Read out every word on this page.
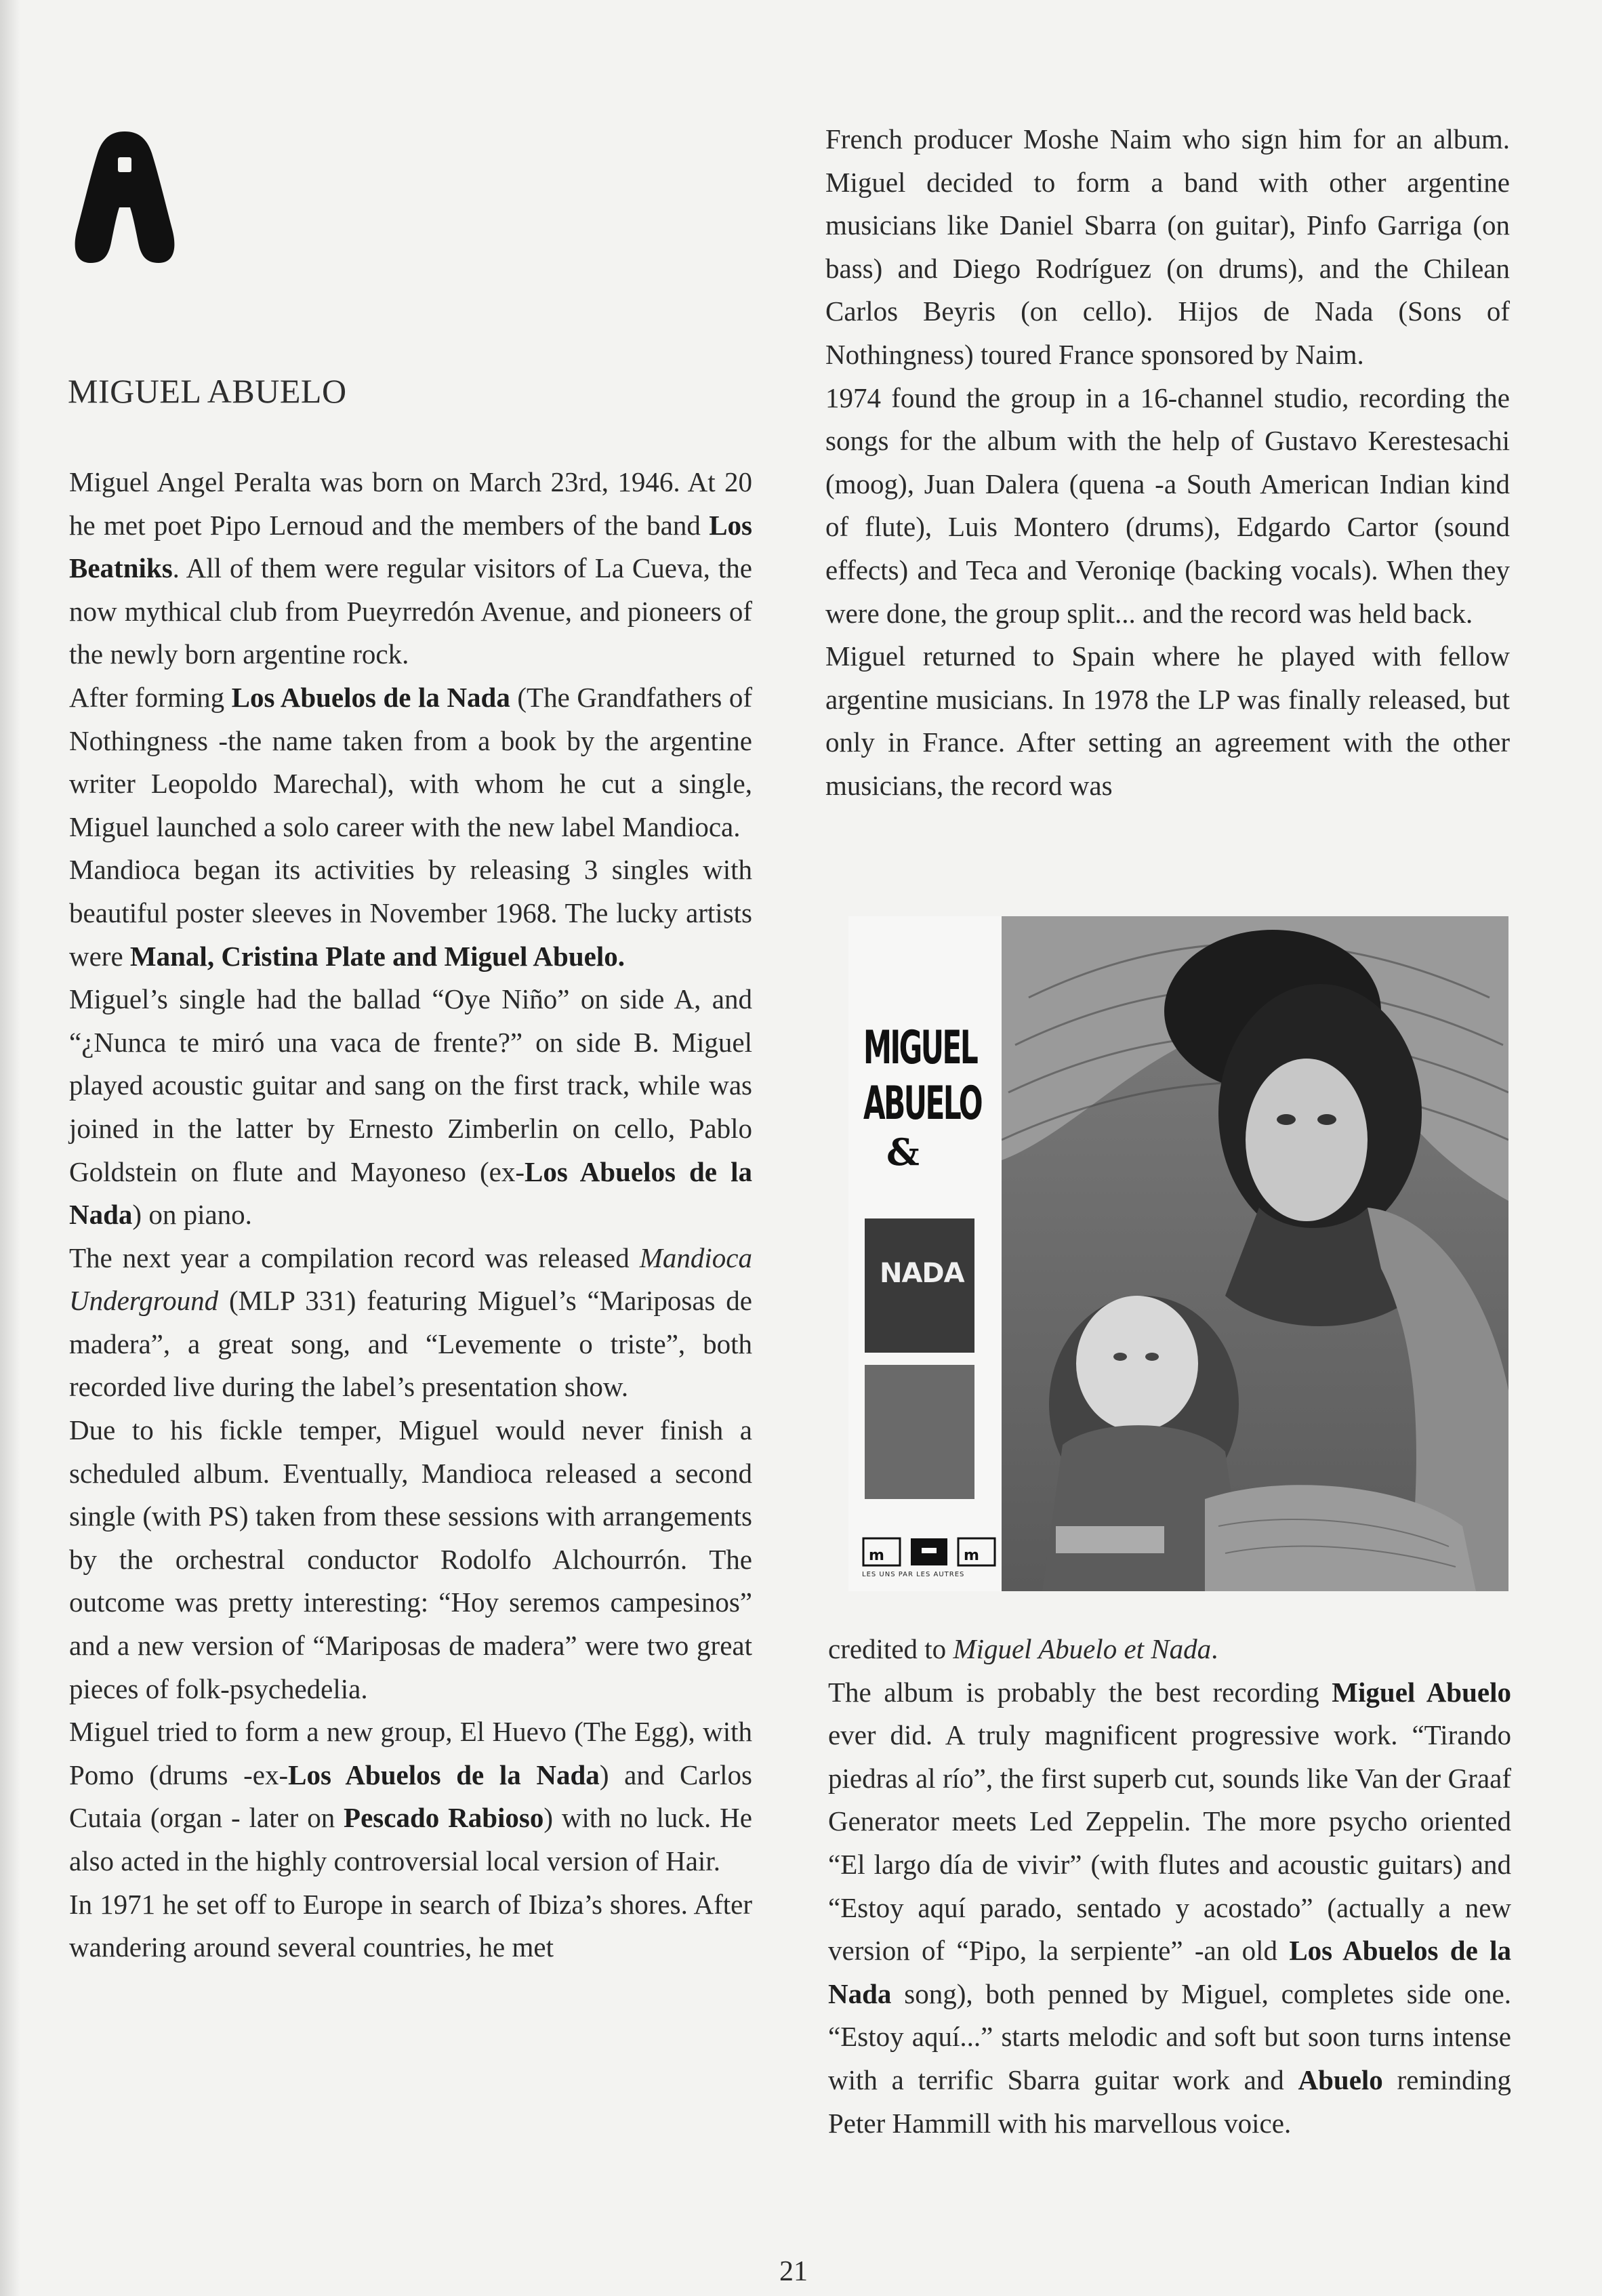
MIGUEL ABUELO

Miguel Angel Peralta was born on March 23rd, 1946. At 20 he met poet Pipo Lernoud and the members of the band Los Beatniks. All of them were regular visitors of La Cueva, the now mythical club from Pueyrredón Avenue, and pioneers of the newly born argentine rock.

After forming Los Abuelos de la Nada (The Grandfathers of Nothingness -the name taken from a book by the argentine writer Leopoldo Marechal), with whom he cut a single, Miguel launched a solo career with the new label Mandioca.

Mandioca began its activities by releasing 3 singles with beautiful poster sleeves in November 1968. The lucky artists were Manal, Cristina Plate and Miguel Abuelo.

Miguel’s single had the ballad “Oye Niño” on side A, and “¿Nunca te miró una vaca de frente?” on side B. Miguel played acoustic guitar and sang on the first track, while was joined in the latter by Ernesto Zimberlin on cello, Pablo Goldstein on flute and Mayoneso (ex-Los Abuelos de la Nada) on piano.

The next year a compilation record was released Mandioca Underground (MLP 331) featuring Miguel’s “Mariposas de madera”, a great song, and “Levemente o triste”, both recorded live during the label’s presentation show.

Due to his fickle temper, Miguel would never finish a scheduled album. Eventually, Mandioca released a second single (with PS) taken from these sessions with arrangements by the orchestral conductor Rodolfo Alchourrón. The outcome was pretty interesting: “Hoy seremos campesinos” and a new version of “Mariposas de madera” were two great pieces of folk-psychedelia.

Miguel tried to form a new group, El Huevo (The Egg), with Pomo (drums -ex-Los Abuelos de la Nada) and Carlos Cutaia (organ - later on Pescado Rabioso) with no luck. He also acted in the highly controversial local version of Hair.

In 1971 he set off to Europe in search of Ibiza’s shores. After wandering around several countries, he met

French producer Moshe Naim who sign him for an album. Miguel decided to form a band with other argentine musicians like Daniel Sbarra (on guitar), Pinfo Garriga (on bass) and Diego Rodríguez (on drums), and the Chilean Carlos Beyris (on cello). Hijos de Nada (Sons of Nothingness) toured France sponsored by Naim.

1974 found the group in a 16-channel studio, recording the songs for the album with the help of Gustavo Kerestesachi (moog), Juan Dalera (quena -a South American Indian kind of flute), Luis Montero (drums), Edgardo Cartor (sound effects) and Teca and Veroniqe (backing vocals). When they were done, the group split... and the record was held back.

Miguel returned to Spain where he played with fellow argentine musicians. In 1978 the LP was finally released, but only in France. After setting an agreement with the other musicians, the record was

MIGUEL
ABUELO
&
NADA
m	m
LES UNS PAR LES AUTRES

credited to Miguel Abuelo et Nada.

The album is probably the best recording Miguel Abuelo ever did. A truly magnificent progressive work. “Tirando piedras al río”, the first superb cut, sounds like Van der Graaf Generator meets Led Zeppelin. The more psycho oriented “El largo día de vivir” (with flutes and acoustic guitars) and “Estoy aquí parado, sentado y acostado” (actually a new version of “Pipo, la serpiente” -an old Los Abuelos de la Nada song), both penned by Miguel, completes side one. “Estoy aquí...” starts melodic and soft but soon turns intense with a terrific Sbarra guitar work and Abuelo reminding Peter Hammill with his marvellous voice.

21
